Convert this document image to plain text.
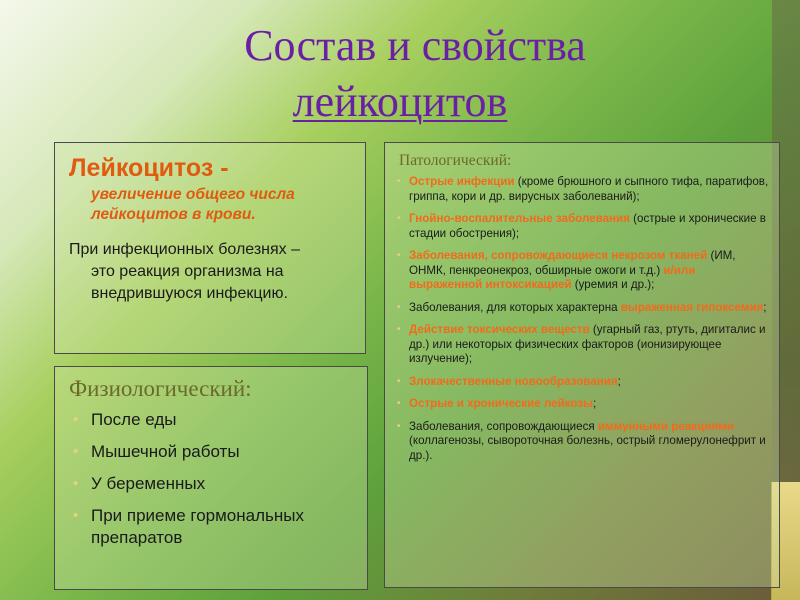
Состав и свойства
лейкоцитов
Лейкоцитоз -
увеличение общего числа лейкоцитов в крови.
При инфекционных болезнях –
это реакция организма на внедрившуюся инфекцию.
Физиологический:
• После еды
• Мышечной работы
• У беременных
• При приеме гормональных препаратов
Патологический:
• Острые инфекции (кроме брюшного и сыпного тифа, паратифов, гриппа, кори и др. вирусных заболеваний);
• Гнойно-воспалительные заболевания (острые и хронические в стадии обострения);
• Заболевания, сопровождающиеся некрозом тканей (ИМ, ОНМК, пенкреонекроз, обширные ожоги и т.д.) и/или выраженной интоксикацией (уремия и др.);
• Заболевания, для которых характерна выраженная гипоксемия;
• Действие токсических веществ (угарный газ, ртуть, дигиталис и др.) или некоторых физических факторов (ионизирующее излучение);
• Злокачественные новообразования;
• Острые и хронические лейкозы;
• Заболевания, сопровождающиеся иммунными реакциями (коллагенозы, сывороточная болезнь, острый гломерулонефрит и др.).
